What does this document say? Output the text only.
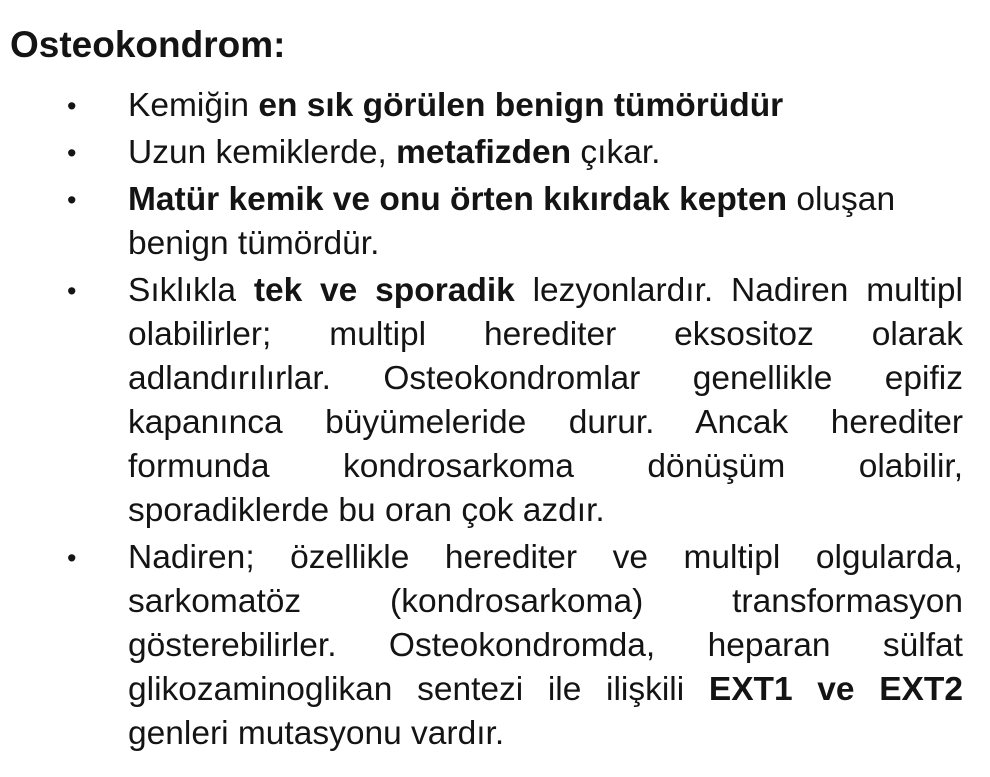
Osteokondrom:
• Kemiğin en sık görülen benign tümörüdür
• Uzun kemiklerde, metafizden çıkar.
• Matür kemik ve onu örten kıkırdak kepten oluşan benign tümördür.
• Sıklıkla tek ve sporadik lezyonlardır. Nadiren multipl olabilirler; multipl herediter eksositoz olarak adlandırılırlar. Osteokondromlar genellikle epifiz kapanınca büyümeleride durur. Ancak herediter formunda kondrosarkoma dönüşüm olabilir, sporadiklerde bu oran çok azdır.
• Nadiren; özellikle herediter ve multipl olgularda, sarkomatöz (kondrosarkoma) transformasyon gösterebilirler. Osteokondromda, heparan sülfat glikozaminoglikan sentezi ile ilişkili EXT1 ve EXT2 genleri mutasyonu vardır.
